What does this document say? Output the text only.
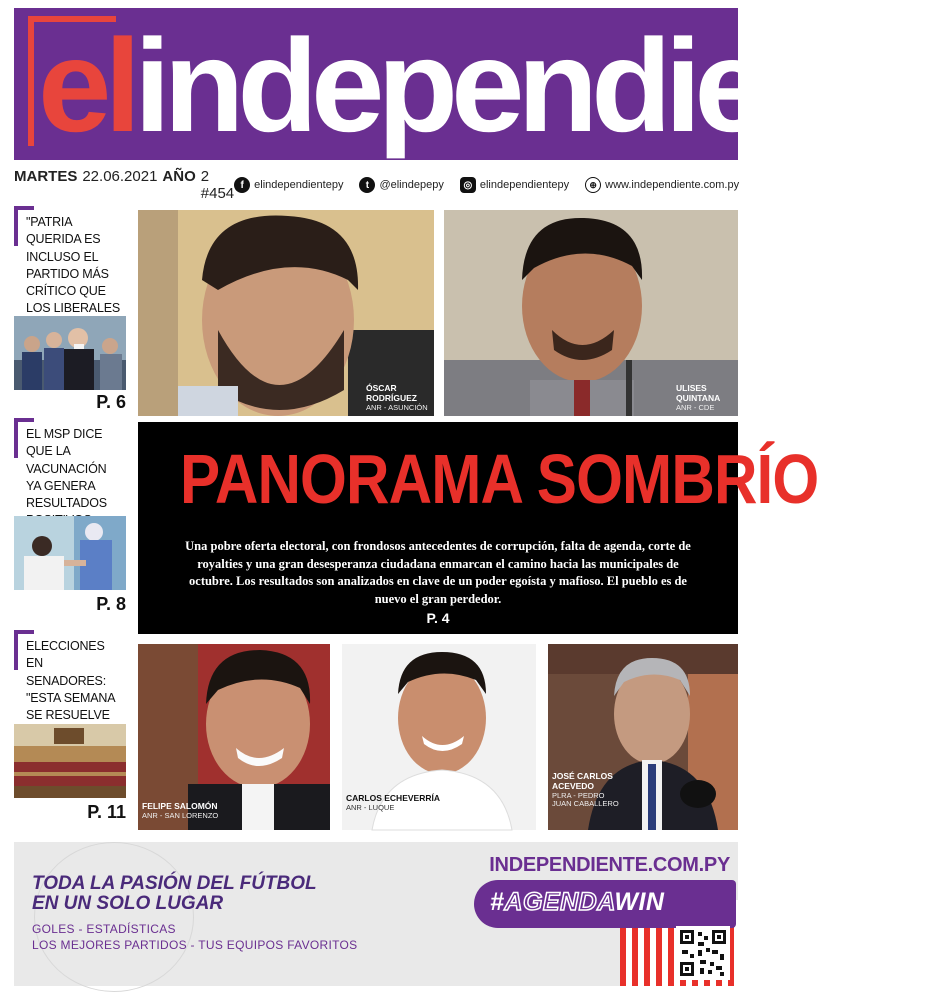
elindependiente
MARTES 22.06.2021 AÑO 2 #454 f elindependientepy	t @elindepepy	◎ elindependientepy	⊕ www.independiente.com.py
"PATRIA QUERIDA ES INCLUSO EL PARTIDO MÁS CRÍTICO QUE LOS LIBERALES
P. 6
EL MSP DICE QUE LA VACUNACIÓN YA GENERA RESULTADOS
P. 8
ELECCIONES EN SENADORES: "ESTA SEMANA SE RESUELVE
P. 11
ÓSCAR RODRÍGUEZ
ANR - ASUNCIÓN
ULISES QUINTANA
ANR - CDE
PANORAMA SOMBRÍO
Una pobre oferta electoral, con frondosos antecedentes de corrupción, falta de agenda, corte de royalties y una gran desesperanza ciudadana enmarcan el camino hacia las municipales de octubre. Los resultados son analizados en clave de un poder egoísta y mafioso. El pueblo es de nuevo el gran perdedor.
P. 4
FELIPE SALOMÓN
ANR - SAN LORENZO
CARLOS ECHEVERRÍA
ANR - LUQUE
JOSÉ CARLOS ACEVEDO
PLRA - PEDRO JUAN CABALLERO
TODA LA PASIÓN DEL FÚTBOL
EN UN SOLO LUGAR
GOLES - ESTADÍSTICAS
LOS MEJORES PARTIDOS - TUS EQUIPOS FAVORITOS
INDEPENDIENTE.COM.PY
#AGENDAWIN
